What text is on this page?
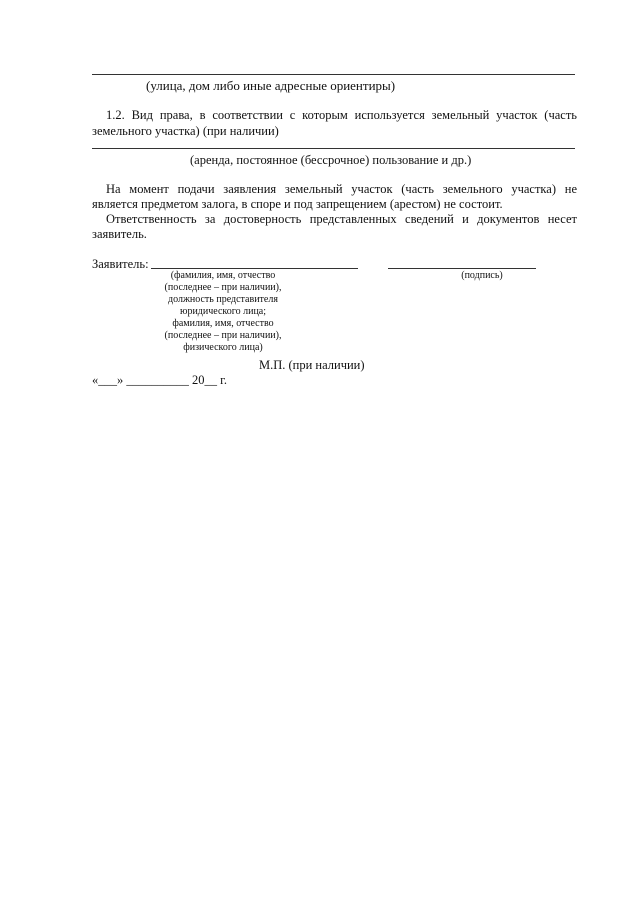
(улица, дом либо иные адресные ориентиры)
1.2. Вид права, в соответствии с которым используется земельный участок (часть
земельного участка) (при наличии)
(аренда, постоянное (бессрочное) пользование и др.)
На момент подачи заявления земельный участок (часть земельного участка) не
является предметом залога, в споре и под запрещением (арестом) не состоит.
Ответственность за достоверность представленных сведений и документов несет
заявитель.
Заявитель:
(фамилия, имя, отчество
(последнее – при наличии),
должность представителя
юридического лица;
фамилия, имя, отчество
(последнее – при наличии),
физического лица)
(подпись)
М.П. (при наличии)
«___» __________ 20__ г.
